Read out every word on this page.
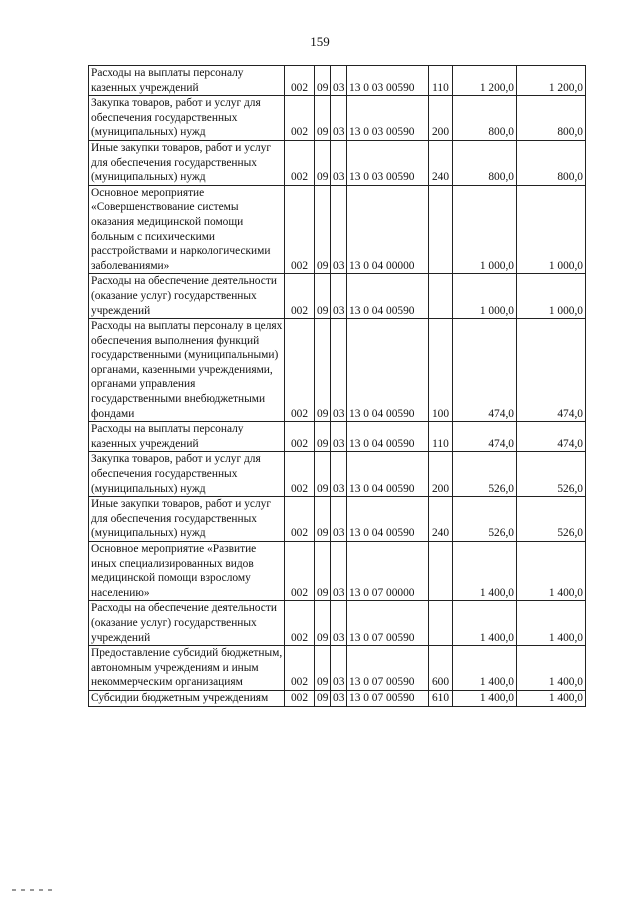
159
Расходы на выплаты персоналу казенных учреждений	002	09	03	13 0 03 00590	110	1 200,0	1 200,0
Закупка товаров, работ и услуг для обеспечения государственных (муниципальных) нужд	002	09	03	13 0 03 00590	200	800,0	800,0
Иные закупки товаров, работ и услуг для обеспечения государственных (муниципальных) нужд	002	09	03	13 0 03 00590	240	800,0	800,0
Основное мероприятие «Совершенствование системы оказания медицинской помощи больным с психическими расстройствами и наркологическими заболеваниями»	002	09	03	13 0 04 00000		1 000,0	1 000,0
Расходы на обеспечение деятельности (оказание услуг) государственных учреждений	002	09	03	13 0 04 00590		1 000,0	1 000,0
Расходы на выплаты персоналу в целях обеспечения выполнения функций государственными (муниципальными) органами, казенными учреждениями, органами управления государственными внебюджетными фондами	002	09	03	13 0 04 00590	100	474,0	474,0
Расходы на выплаты персоналу казенных учреждений	002	09	03	13 0 04 00590	110	474,0	474,0
Закупка товаров, работ и услуг для обеспечения государственных (муниципальных) нужд	002	09	03	13 0 04 00590	200	526,0	526,0
Иные закупки товаров, работ и услуг для обеспечения государственных (муниципальных) нужд	002	09	03	13 0 04 00590	240	526,0	526,0
Основное мероприятие «Развитие иных специализированных видов медицинской помощи взрослому населению»	002	09	03	13 0 07 00000		1 400,0	1 400,0
Расходы на обеспечение деятельности (оказание услуг) государственных учреждений	002	09	03	13 0 07 00590		1 400,0	1 400,0
Предоставление субсидий бюджетным, автономным учреждениям и иным некоммерческим организациям	002	09	03	13 0 07 00590	600	1 400,0	1 400,0
Субсидии бюджетным учреждениям	002	09	03	13 0 07 00590	610	1 400,0	1 400,0
